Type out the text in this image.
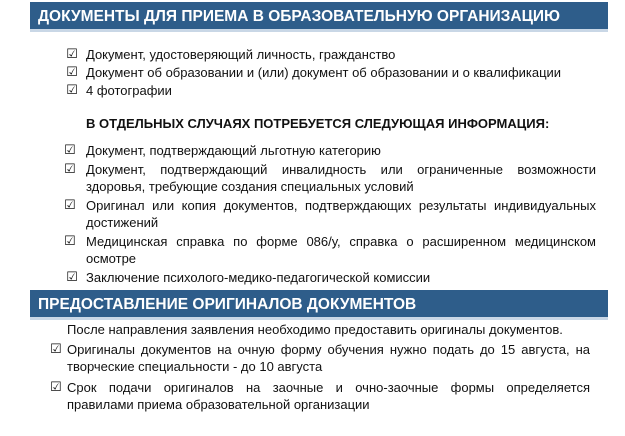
ДОКУМЕНТЫ ДЛЯ ПРИЕМА В ОБРАЗОВАТЕЛЬНУЮ ОРГАНИЗАЦИЮ

☑ Документ, удостоверяющий личность, гражданство

☑ Документ об образовании и (или) документ об образовании и о квалификации

☑ 4 фотографии

В ОТДЕЛЬНЫХ СЛУЧАЯХ ПОТРЕБУЕТСЯ СЛЕДУЮЩАЯ ИНФОРМАЦИЯ:

☑ Документ, подтверждающий льготную категорию

☑ Документ, подтверждающий инвалидность или ограниченные возможности здоровья, требующие создания специальных условий

☑ Оригинал или копия документов, подтверждающих результаты индивидуальных достижений

☑ Медицинская справка по форме 086/у, справка о расширенном медицинском осмотре

☑ Заключение психолого-медико-педагогической комиссии

ПРЕДОСТАВЛЕНИЕ ОРИГИНАЛОВ ДОКУМЕНТОВ
После направления заявления необходимо предоставить оригиналы документов.

☑ Оригиналы документов на очную форму обучения нужно подать до 15 августа, на творческие специальности - до 10 августа

☑ Срок подачи оригиналов на заочные и очно-заочные формы определяется правилами приема образовательной организации
